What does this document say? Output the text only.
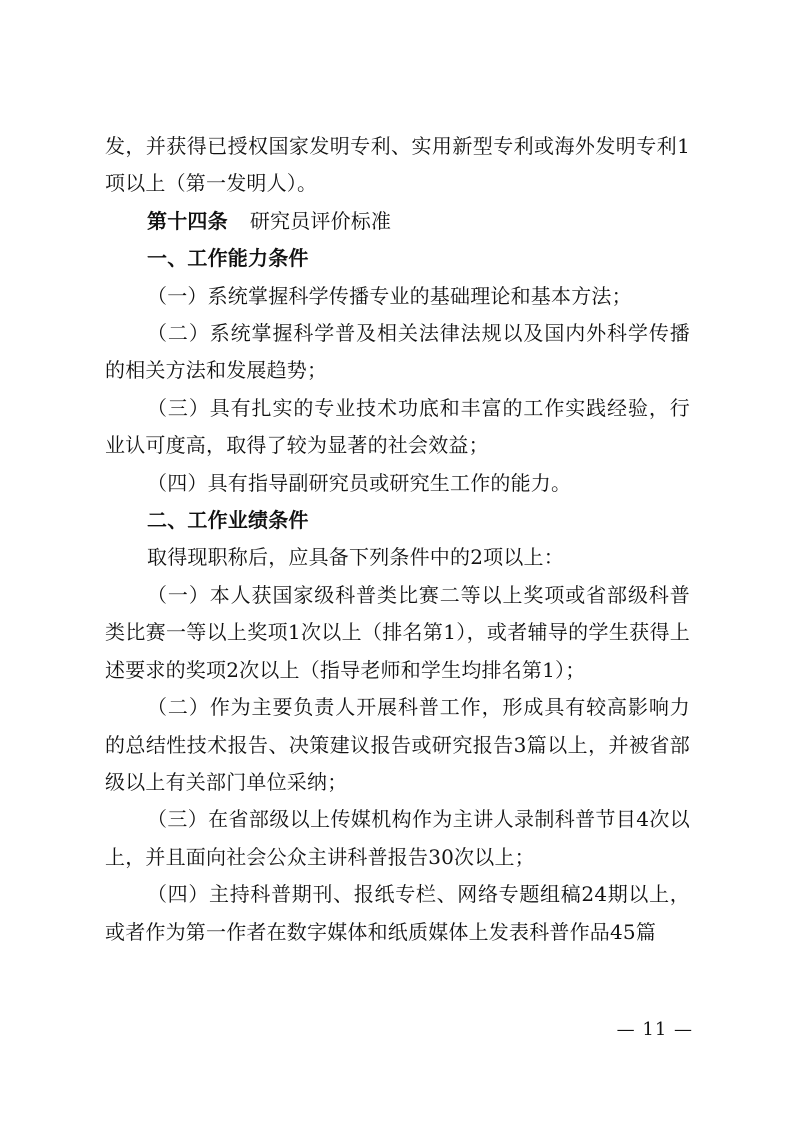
发，并获得已授权国家发明专利、实用新型专利或海外发明专利1项以上（第一发明人）。

第十四条 研究员评价标准

一、工作能力条件

（一）系统掌握科学传播专业的基础理论和基本方法；

（二）系统掌握科学普及相关法律法规以及国内外科学传播的相关方法和发展趋势；

（三）具有扎实的专业技术功底和丰富的工作实践经验，行业认可度高，取得了较为显著的社会效益；

（四）具有指导副研究员或研究生工作的能力。

二、工作业绩条件

取得现职称后，应具备下列条件中的2项以上：

（一）本人获国家级科普类比赛二等以上奖项或省部级科普类比赛一等以上奖项1次以上（排名第1），或者辅导的学生获得上述要求的奖项2次以上（指导老师和学生均排名第1）；

（二）作为主要负责人开展科普工作，形成具有较高影响力的总结性技术报告、决策建议报告或研究报告3篇以上，并被省部级以上有关部门单位采纳；

（三）在省部级以上传媒机构作为主讲人录制科普节目4次以上，并且面向社会公众主讲科普报告30次以上；

（四）主持科普期刊、报纸专栏、网络专题组稿24期以上，或者作为第一作者在数字媒体和纸质媒体上发表科普作品45篇

— 11 —
